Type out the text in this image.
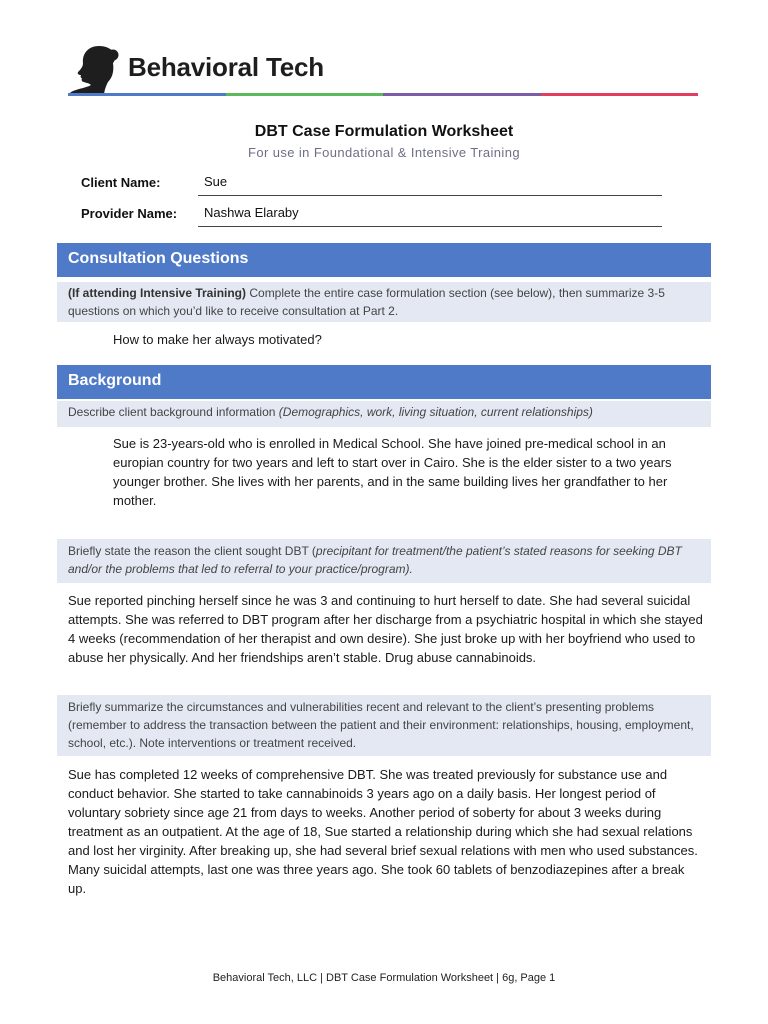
Behavioral Tech
DBT Case Formulation Worksheet
For use in Foundational & Intensive Training
Client Name:	Sue
Provider Name:	Nashwa Elaraby
Consultation Questions
(If attending Intensive Training) Complete the entire case formulation section (see below), then summarize 3-5 questions on which you’d like to receive consultation at Part 2.
How to make her always motivated?
Background
Describe client background information (Demographics, work, living situation, current relationships)
Sue is 23-years-old who is enrolled in Medical School. She have joined pre-medical school in an europian country for two years and left to start over in Cairo. She is the elder sister to a two years younger brother. She lives with her parents, and in the same building lives her grandfather to her mother.
Briefly state the reason the client sought DBT (precipitant for treatment/the patient’s stated reasons for seeking DBT and/or the problems that led to referral to your practice/program).
Sue reported pinching herself since he was 3 and continuing to hurt herself to date. She had several suicidal attempts. She was referred to DBT program after her discharge from a psychiatric hospital in which she stayed 4 weeks (recommendation of her therapist and own desire). She just broke up with her boyfriend who used to abuse her physically. And her friendships aren’t stable. Drug abuse cannabinoids.
Briefly summarize the circumstances and vulnerabilities recent and relevant to the client’s presenting problems (remember to address the transaction between the patient and their environment: relationships, housing, employment, school, etc.). Note interventions or treatment received.
Sue has completed 12 weeks of comprehensive DBT. She was treated previously for substance use and conduct behavior. She started to take cannabinoids 3 years ago on a daily basis. Her longest period of voluntary sobriety since age 21 from days to weeks. Another period of soberty for about 3 weeks during treatment as an outpatient. At the age of 18, Sue started a relationship during which she had sexual relations and lost her virginity. After breaking up, she had several brief sexual relations with men who used substances. Many suicidal attempts, last one was three years ago. She took 60 tablets of benzodiazepines after a break up.
Behavioral Tech, LLC | DBT Case Formulation Worksheet | 6g, Page 1
